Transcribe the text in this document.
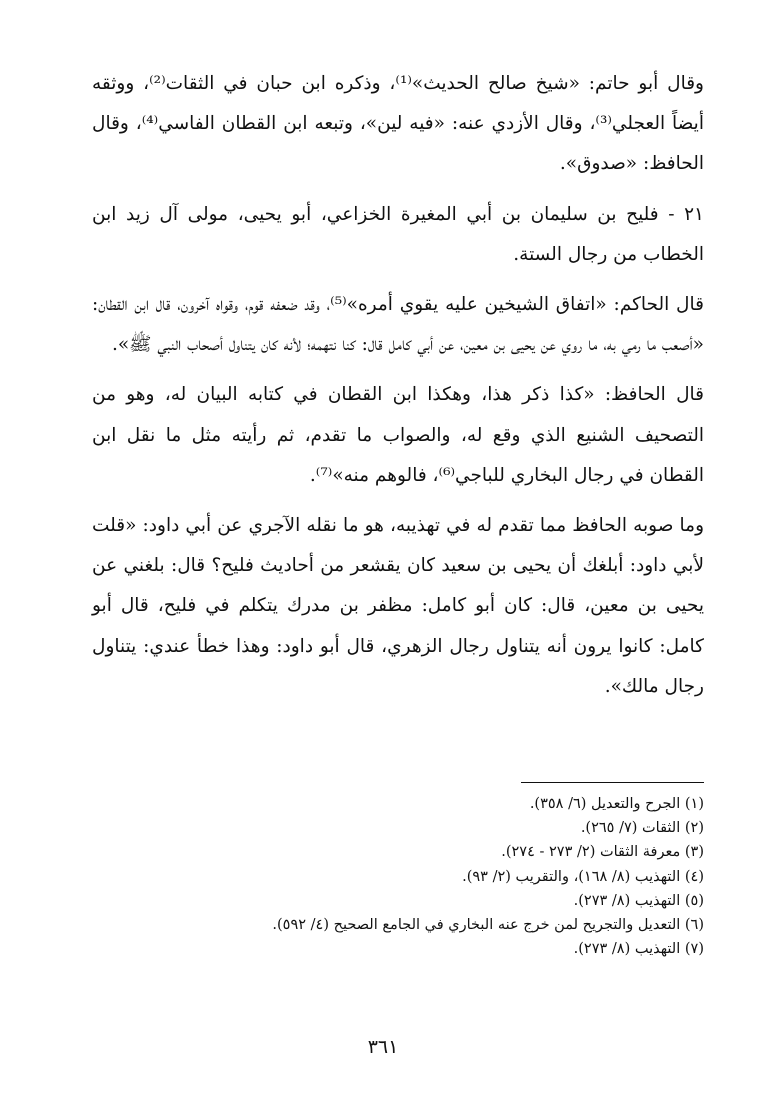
وقال أبو حاتم: «شيخ صالح الحديث»⁽¹⁾، وذكره ابن حبان في الثقات⁽²⁾، ووثقه أيضاً العجلي⁽³⁾، وقال الأزدي عنه: «فيه لين»، وتبعه ابن القطان الفاسي⁽⁴⁾، وقال الحافظ: «صدوق».

٢١ - فليح بن سليمان بن أبي المغيرة الخزاعي، أبو يحيى، مولى آل زيد ابن الخطاب من رجال الستة.

قال الحاكم: «اتفاق الشيخين عليه يقوي أمره»⁽⁵⁾، وقد ضعفه قوم، وقواه آخرون، قال ابن القطان: «أصعب ما رمي به، ما روي عن يحيى بن معين، عن أبي كامل قال: كنا نتهمه؛ لأنه كان يتناول أصحاب النبي ﷺ».

قال الحافظ: «كذا ذكر هذا، وهكذا ابن القطان في كتابه البيان له، وهو من التصحيف الشنيع الذي وقع له، والصواب ما تقدم، ثم رأيته مثل ما نقل ابن القطان في رجال البخاري للباجي⁽⁶⁾، فالوهم منه»⁽⁷⁾.

وما صوبه الحافظ مما تقدم له في تهذيبه، هو ما نقله الآجري عن أبي داود: «قلت لأبي داود: أبلغك أن يحيى بن سعيد كان يقشعر من أحاديث فليح؟ قال: بلغني عن يحيى بن معين، قال: كان أبو كامل: مظفر بن مدرك يتكلم في فليح، قال أبو كامل: كانوا يرون أنه يتناول رجال الزهري، قال أبو داود: وهذا خطأ عندي: يتناول رجال مالك».

(١) الجرح والتعديل (٦/ ٣٥٨).
(٢) الثقات (٧/ ٢٦٥).
(٣) معرفة الثقات (٢/ ٢٧٣ - ٢٧٤).
(٤) التهذيب (٨/ ١٦٨)، والتقريب (٢/ ٩٣).
(٥) التهذيب (٨/ ٢٧٣).
(٦) التعديل والتجريح لمن خرج عنه البخاري في الجامع الصحيح (٤/ ٥٩٢).
(٧) التهذيب (٨/ ٢٧٣).
٣٦١
